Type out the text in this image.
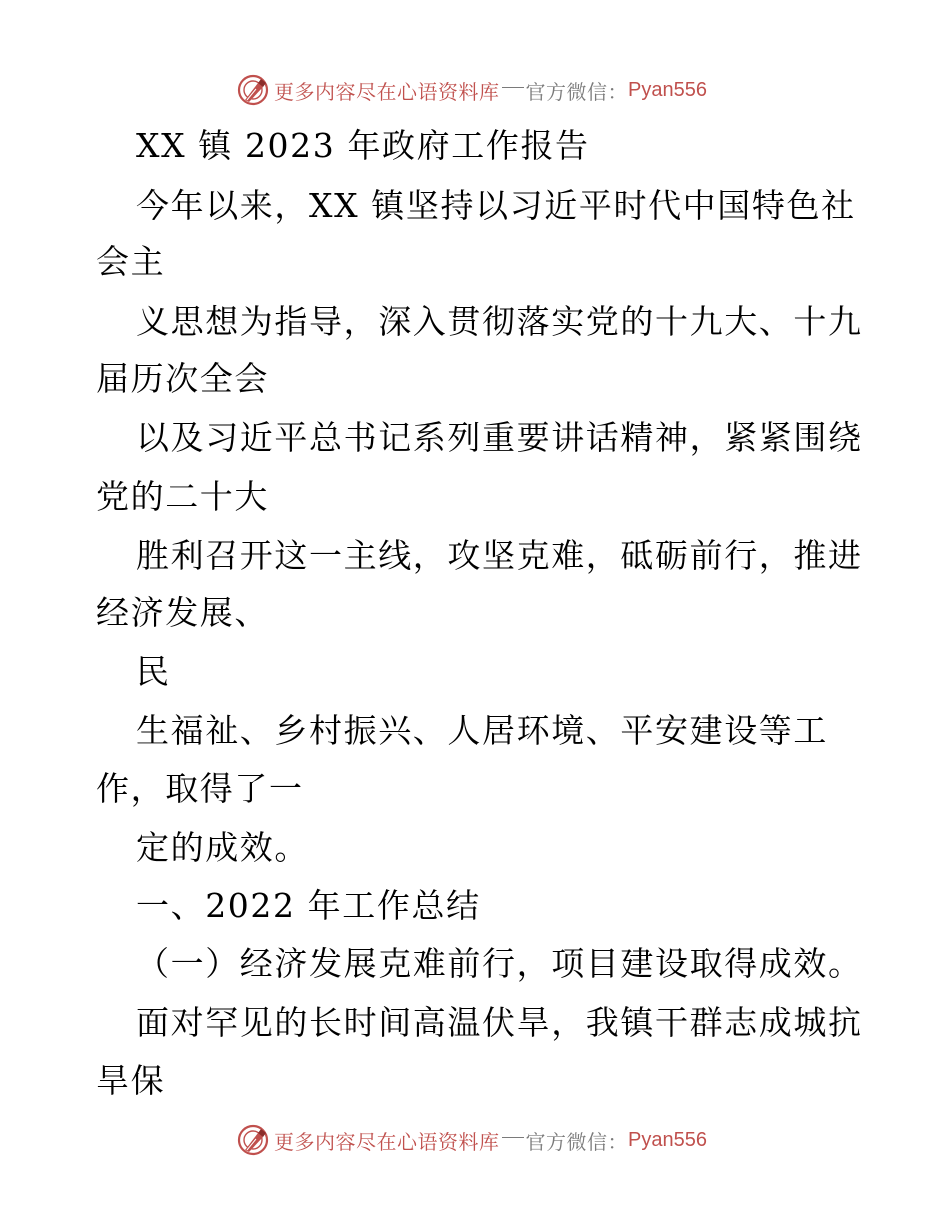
更多内容尽在心语资料库 官方微信： Pyan556
XX 镇 2023 年政府工作报告
今年以来，XX 镇坚持以习近平时代中国特色社
会主
义思想为指导，深入贯彻落实党的十九大、十九
届历次全会
以及习近平总书记系列重要讲话精神，紧紧围绕
党的二十大
胜利召开这一主线，攻坚克难，砥砺前行，推进
经济发展、
民
生福祉、乡村振兴、人居环境、平安建设等工
作，取得了一
定的成效。
一、2022 年工作总结
（一）经济发展克难前行，项目建设取得成效。
面对罕见的长时间高温伏旱，我镇干群志成城抗
旱保
更多内容尽在心语资料库 官方微信： Pyan556
